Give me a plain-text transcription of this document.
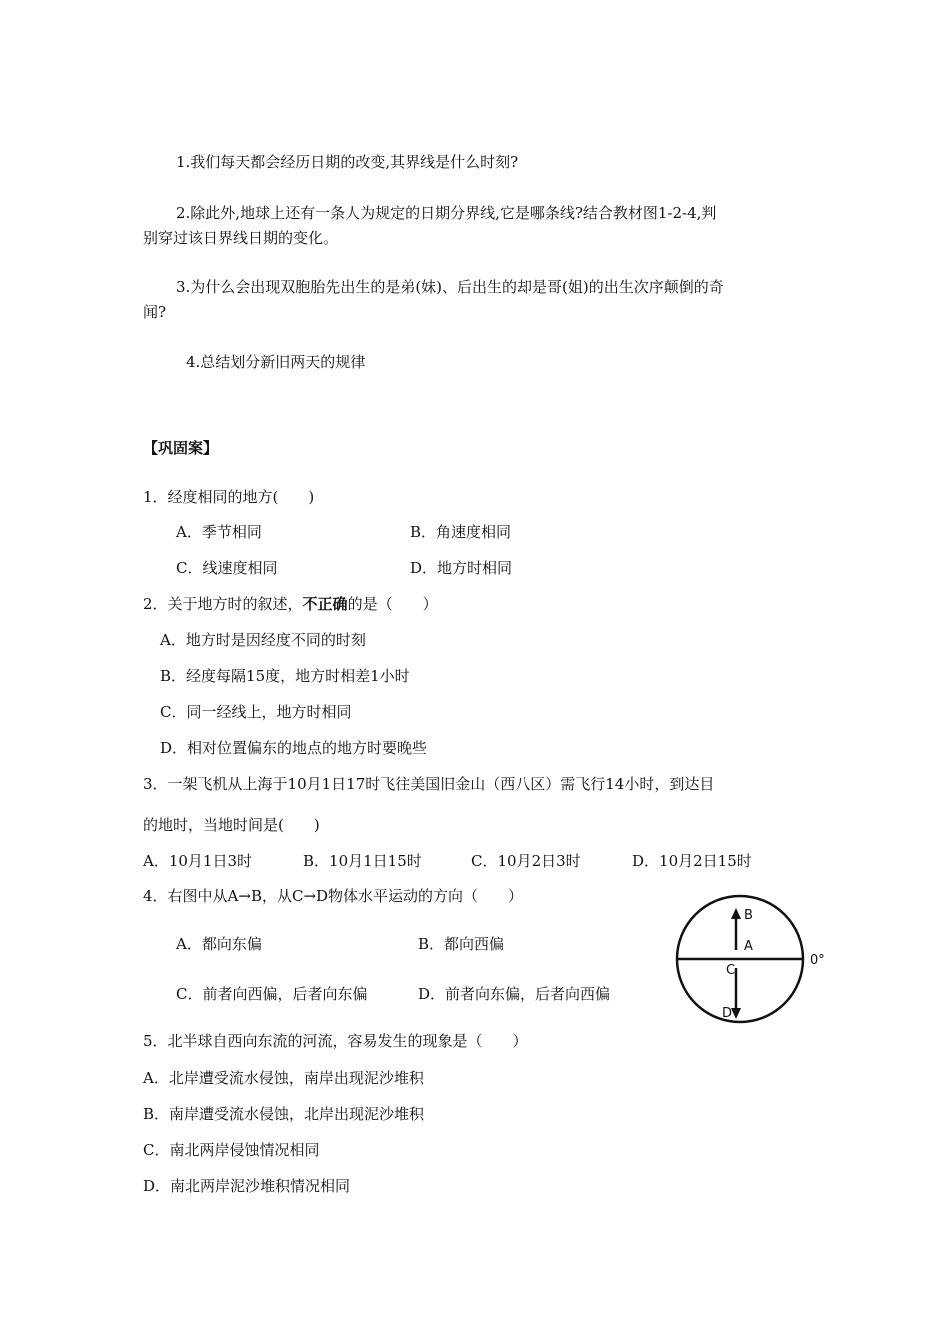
1.我们每天都会经历日期的改变,其界线是什么时刻?
2.除此外,地球上还有一条人为规定的日期分界线,它是哪条线?结合教材图1-2-4,判
别穿过该日界线日期的变化。
3.为什么会出现双胞胎先出生的是弟(妹)、后出生的却是哥(姐)的出生次序颠倒的奇
闻?
4.总结划分新旧两天的规律
【巩固案】
1．经度相同的地方(　　)
A．季节相同	B．角速度相同
C．线速度相同	D．地方时相同
2．关于地方时的叙述，不正确的是（　　）
A．地方时是因经度不同的时刻
B．经度每隔15度，地方时相差1小时
C．同一经线上，地方时相同
D．相对位置偏东的地点的地方时要晚些
3．一架飞机从上海于10月1日17时飞往美国旧金山（西八区）需飞行14小时，到达目
的地时，当地时间是(　　)
A．10月1日3时	B．10月1日15时	C．10月2日3时	D．10月2日15时
4．右图中从A→B，从C→D物体水平运动的方向（　　）
A．都向东偏	B．都向西偏
C．前者向西偏，后者向东偏	D．前者向东偏，后者向西偏
B
A
C
D
0°
5．北半球自西向东流的河流，容易发生的现象是（　　）
A．北岸遭受流水侵蚀，南岸出现泥沙堆积
B．南岸遭受流水侵蚀，北岸出现泥沙堆积
C．南北两岸侵蚀情况相同
D．南北两岸泥沙堆积情况相同
